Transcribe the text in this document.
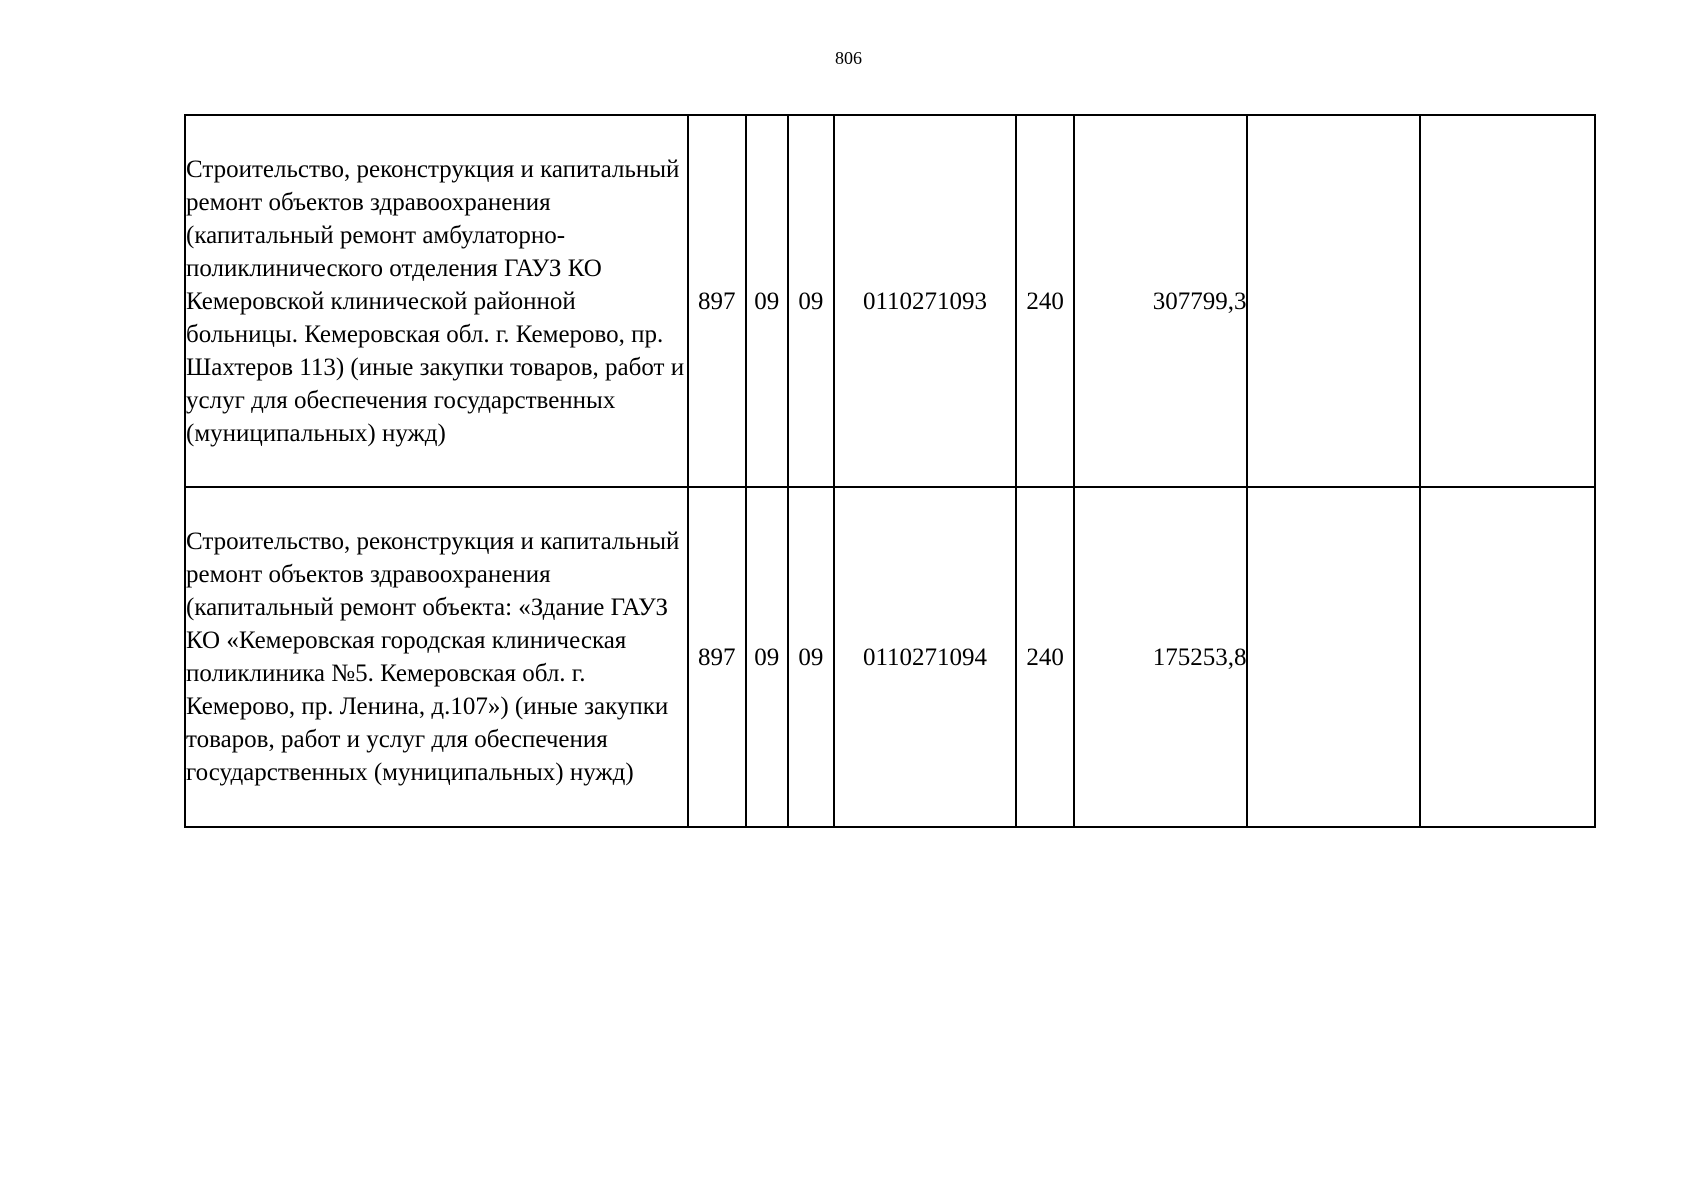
806
Строительство, реконструкция и капитальный ремонт объектов здравоохранения (капитальный ремонт амбулаторно-поликлинического отделения ГАУЗ КО Кемеровской клинической районной больницы. Кемеровская обл. г. Кемерово, пр. Шахтеров 113) (иные закупки товаров, работ и услуг для обеспечения государственных (муниципальных) нужд)	897	09	09	0110271093	240	307799,3		
Строительство, реконструкция и капитальный ремонт объектов здравоохранения (капитальный ремонт объекта: «Здание ГАУЗ КО «Кемеровская городская клиническая поликлиника №5. Кемеровская обл. г. Кемерово, пр. Ленина, д.107») (иные закупки товаров, работ и услуг для обеспечения государственных (муниципальных) нужд)	897	09	09	0110271094	240	175253,8		
